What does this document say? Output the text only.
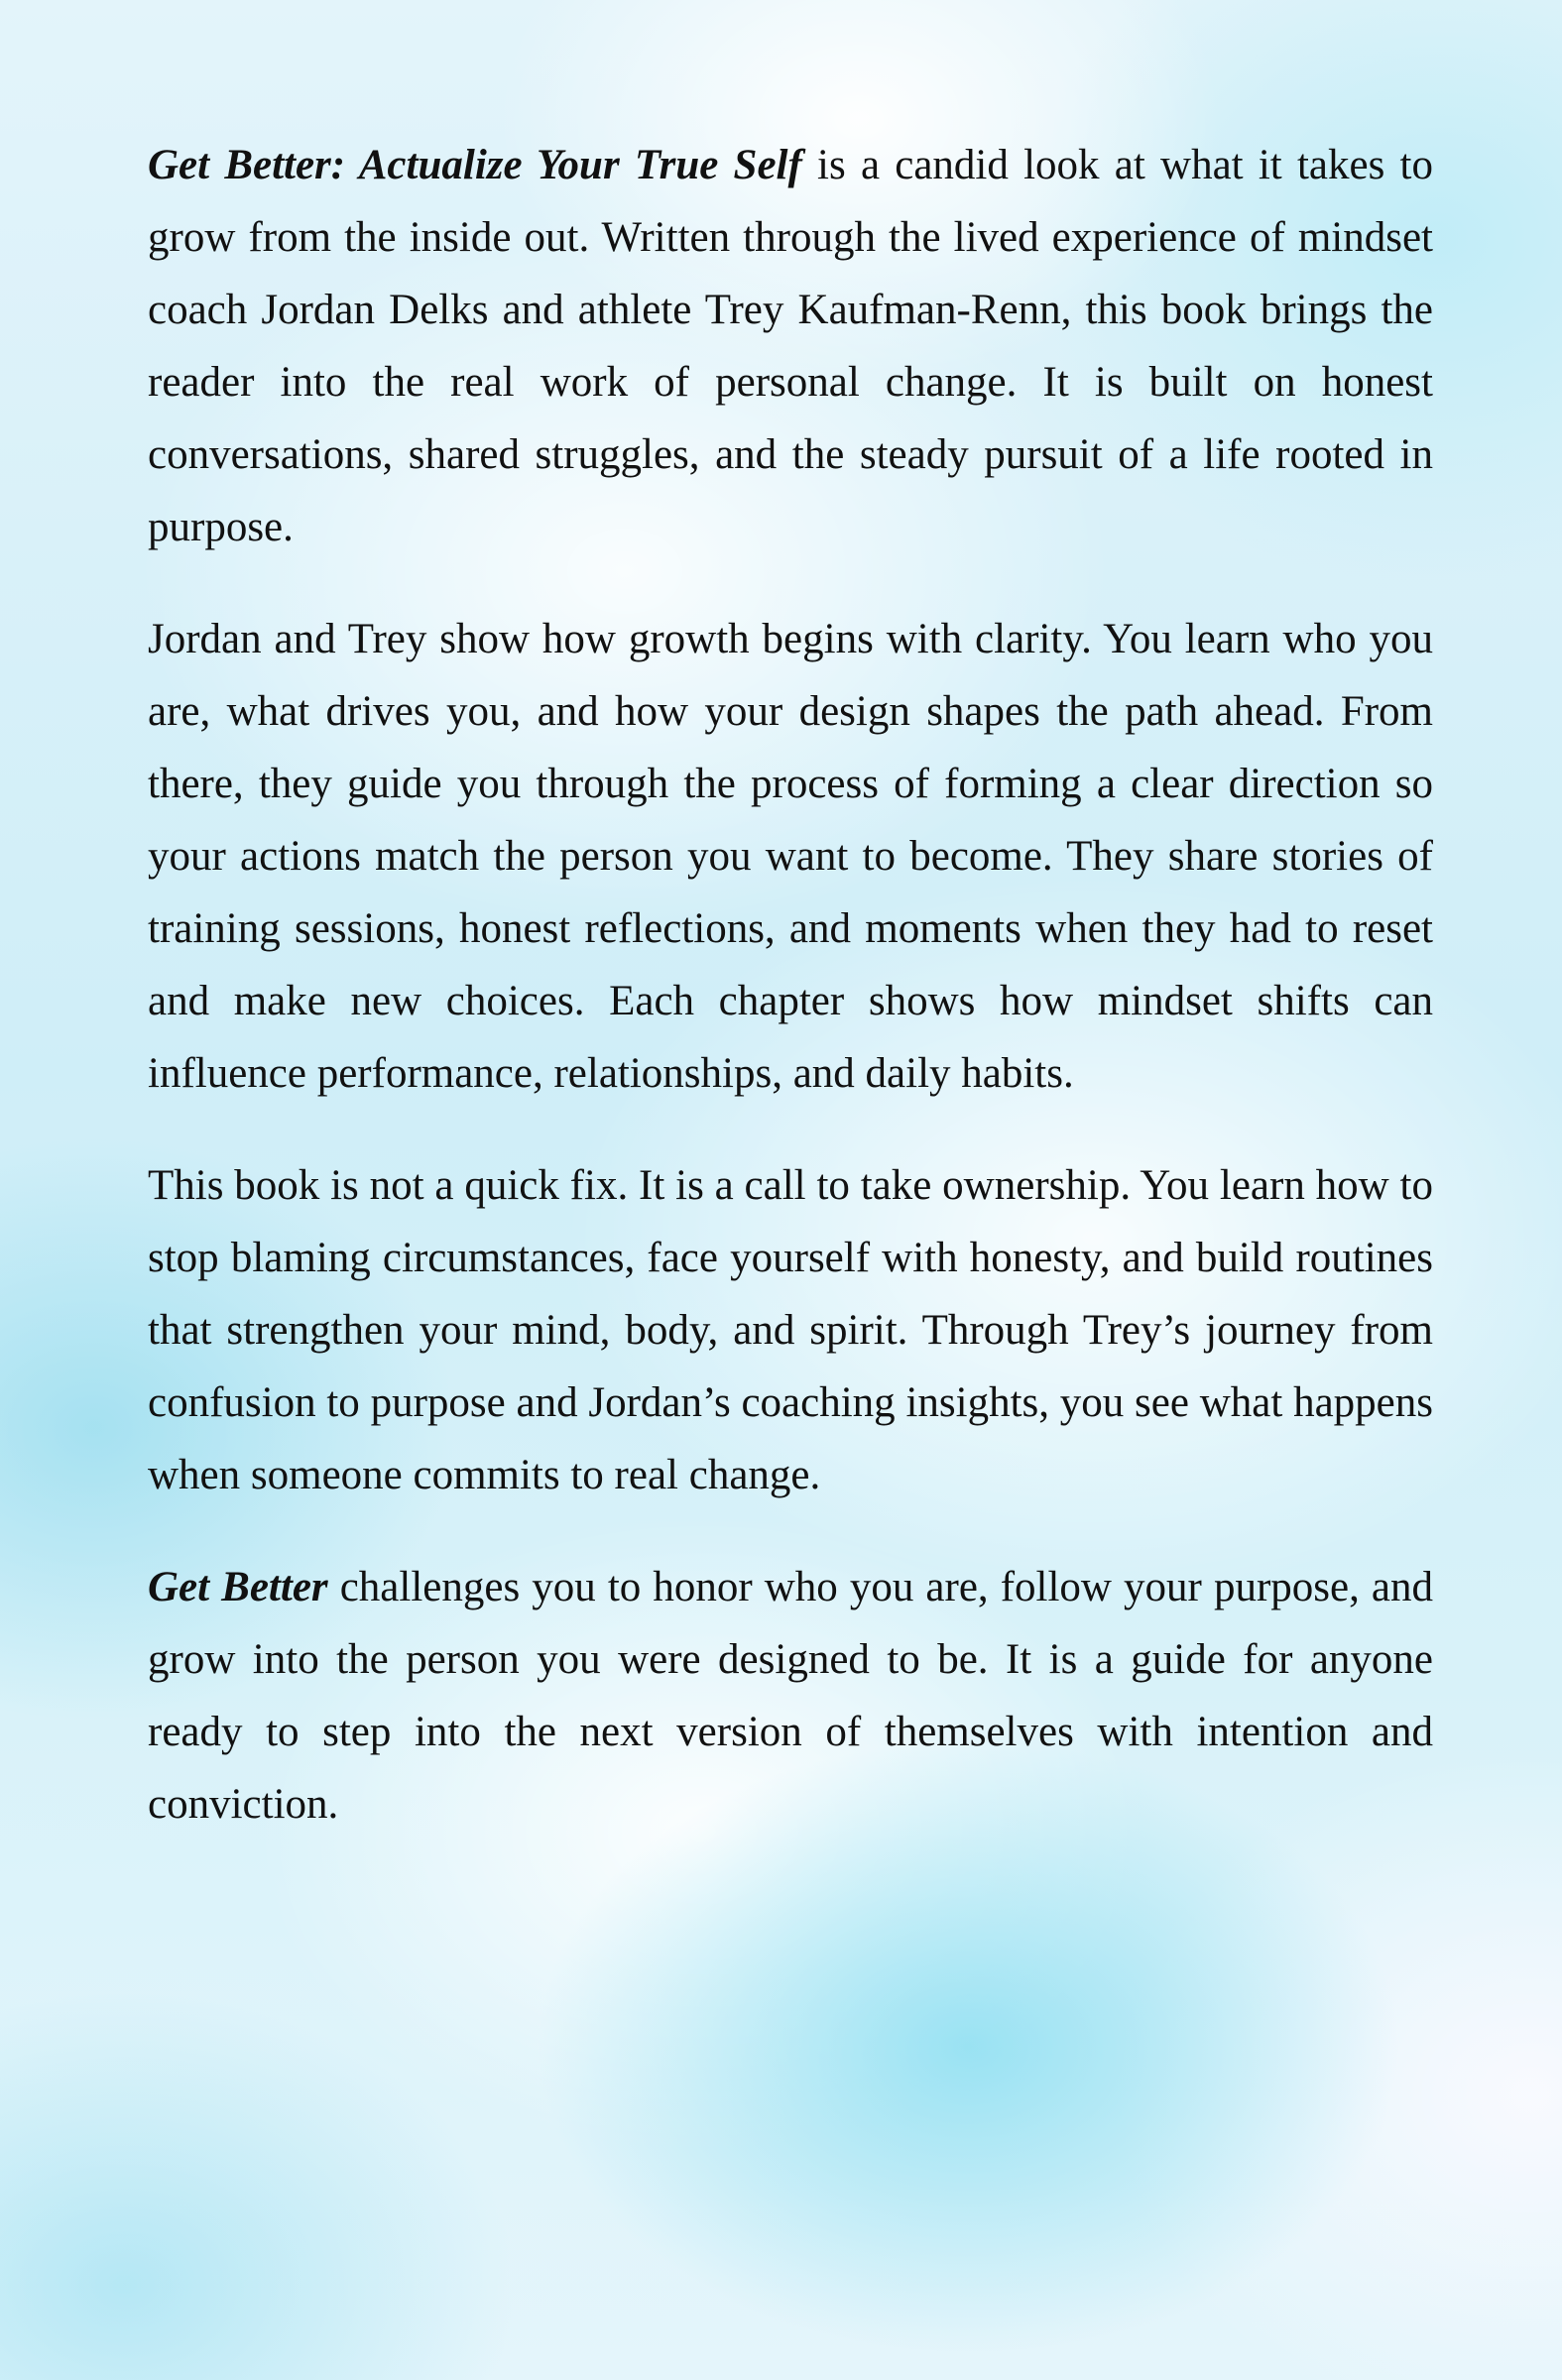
Get Better: Actualize Your True Self is a candid look at what it takes to grow from the inside out. Written through the lived experience of mindset coach Jordan Delks and athlete Trey Kaufman-Renn, this book brings the reader into the real work of personal change. It is built on honest conversations, shared struggles, and the steady pursuit of a life rooted in purpose.

Jordan and Trey show how growth begins with clarity. You learn who you are, what drives you, and how your design shapes the path ahead. From there, they guide you through the process of forming a clear direction so your actions match the person you want to become. They share stories of training sessions, honest reflections, and moments when they had to reset and make new choices. Each chapter shows how mindset shifts can influence performance, relationships, and daily habits.

This book is not a quick fix. It is a call to take ownership. You learn how to stop blaming circumstances, face yourself with honesty, and build routines that strengthen your mind, body, and spirit. Through Trey’s journey from confusion to purpose and Jordan’s coaching insights, you see what happens when someone commits to real change.

Get Better challenges you to honor who you are, follow your purpose, and grow into the person you were designed to be. It is a guide for anyone ready to step into the next version of themselves with intention and conviction.
